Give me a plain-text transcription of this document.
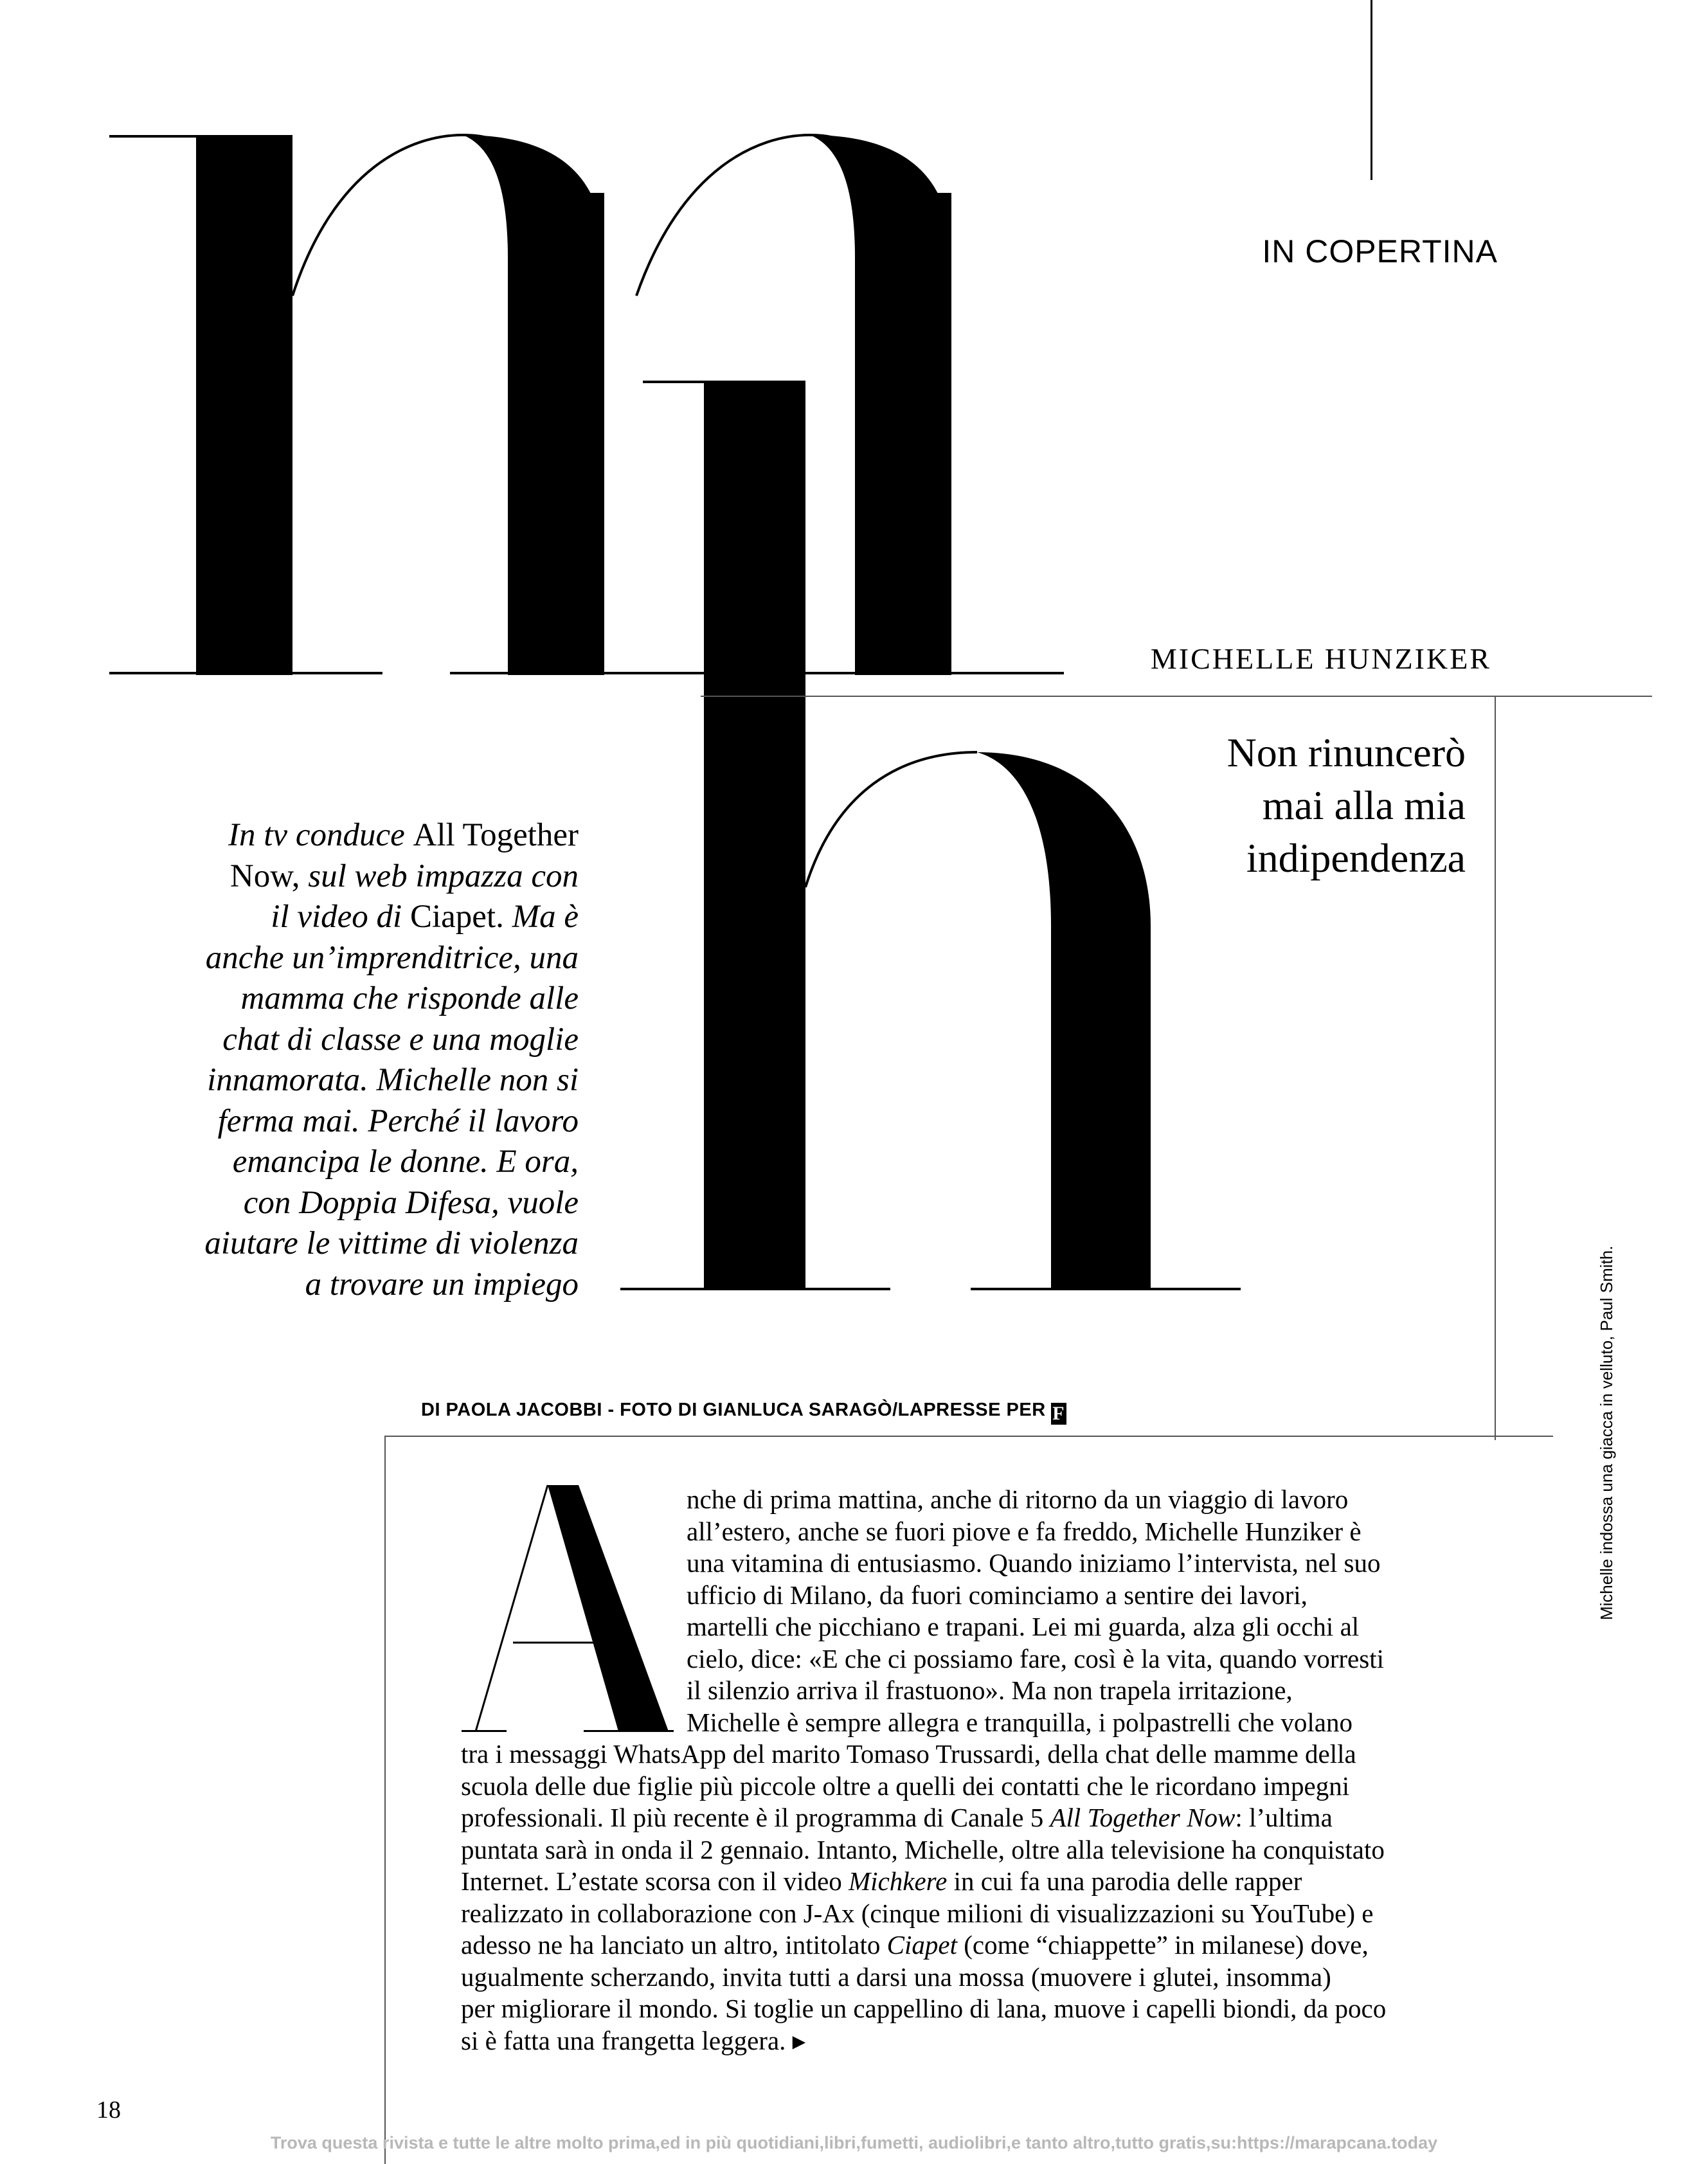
IN COPERTINA
MICHELLE HUNZIKER
Non rinuncerò
mai alla mia
indipendenza
In tv conduce All Together
Now, sul web impazza con
il video di Ciapet. Ma è
anche un’imprenditrice, una
mamma che risponde alle
chat di classe e una moglie
innamorata. Michelle non si
ferma mai. Perché il lavoro
emancipa le donne. E ora,
con Doppia Difesa, vuole
aiutare le vittime di violenza
a trovare un impiego
DI PAOLA JACOBBI - FOTO DI GIANLUCA SARAGÒ/LAPRESSE PER F
nche di prima mattina, anche di ritorno da un viaggio di lavoro
all’estero, anche se fuori piove e fa freddo, Michelle Hunziker è
una vitamina di entusiasmo. Quando iniziamo l’intervista, nel suo
ufficio di Milano, da fuori cominciamo a sentire dei lavori,
martelli che picchiano e trapani. Lei mi guarda, alza gli occhi al
cielo, dice: «E che ci possiamo fare, così è la vita, quando vorresti
il silenzio arriva il frastuono». Ma non trapela irritazione,
Michelle è sempre allegra e tranquilla, i polpastrelli che volano
tra i messaggi WhatsApp del marito Tomaso Trussardi, della chat delle mamme della
scuola delle due figlie più piccole oltre a quelli dei contatti che le ricordano impegni
professionali. Il più recente è il programma di Canale 5 All Together Now: l’ultima
puntata sarà in onda il 2 gennaio. Intanto, Michelle, oltre alla televisione ha conquistato
Internet. L’estate scorsa con il video Michkere in cui fa una parodia delle rapper
realizzato in collaborazione con J-Ax (cinque milioni di visualizzazioni su YouTube) e
adesso ne ha lanciato un altro, intitolato Ciapet (come “chiappette” in milanese) dove,
ugualmente scherzando, invita tutti a darsi una mossa (muovere i glutei, insomma)
per migliorare il mondo. Si toglie un cappellino di lana, muove i capelli biondi, da poco
si è fatta una frangetta leggera. ▸
18
Michelle indossa una giacca in velluto, Paul Smith.
Trova questa rivista e tutte le altre molto prima,ed in più quotidiani,libri,fumetti, audiolibri,e tanto altro,tutto gratis,su:https://marapcana.today
